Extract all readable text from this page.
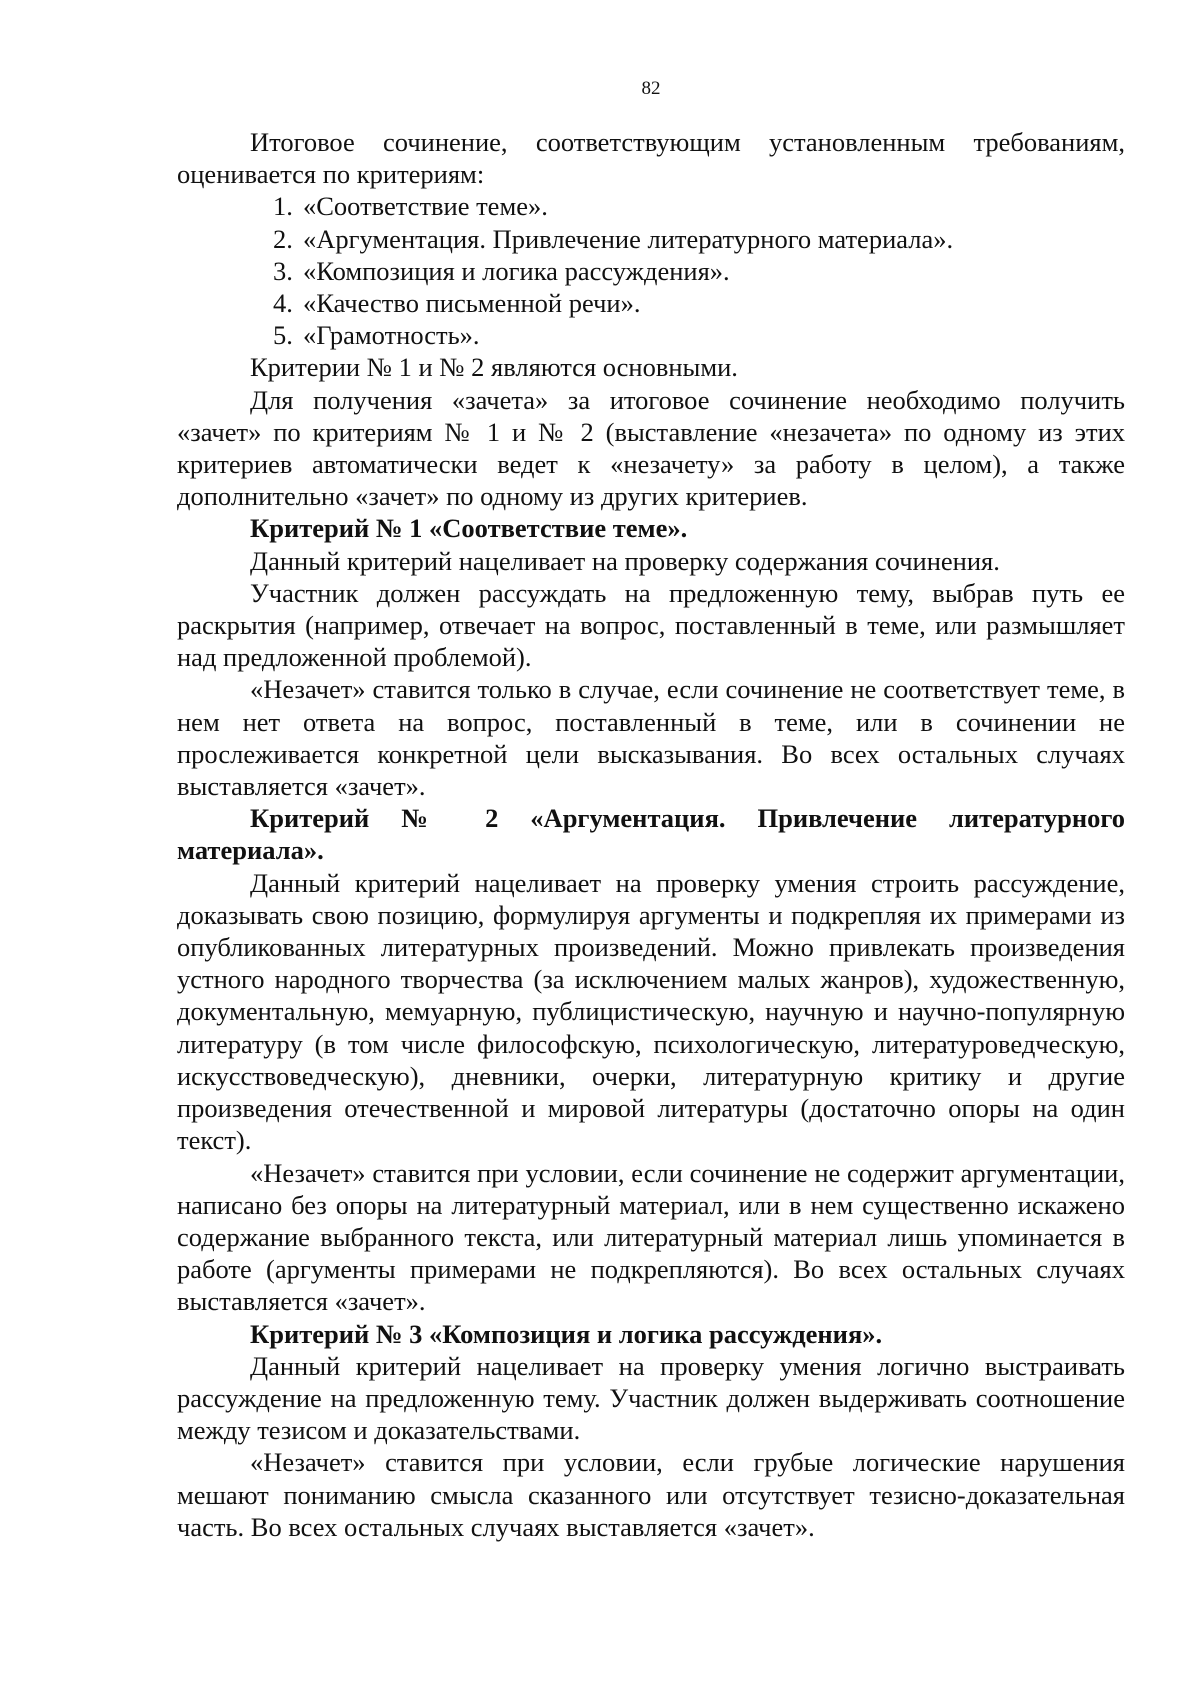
82

Итоговое сочинение, соответствующим установленным требованиям, оценивается по критериям:

1. «Соответствие теме».
2. «Аргументация. Привлечение литературного материала».
3. «Композиция и логика рассуждения».
4. «Качество письменной речи».
5. «Грамотность».

Критерии № 1 и № 2 являются основными.

Для получения «зачета» за итоговое сочинение необходимо получить «зачет» по критериям № 1 и № 2 (выставление «незачета» по одному из этих критериев автоматически ведет к «незачету» за работу в целом), а также дополнительно «зачет» по одному из других критериев.

Критерий № 1 «Соответствие теме».

Данный критерий нацеливает на проверку содержания сочинения.

Участник должен рассуждать на предложенную тему, выбрав путь ее раскрытия (например, отвечает на вопрос, поставленный в теме, или размышляет над предложенной проблемой).

«Незачет» ставится только в случае, если сочинение не соответствует теме, в нем нет ответа на вопрос, поставленный в теме, или в сочинении не прослеживается конкретной цели высказывания. Во всех остальных случаях выставляется «зачет».

Критерий № 2 «Аргументация. Привлечение литературного материала».

Данный критерий нацеливает на проверку умения строить рассуждение, доказывать свою позицию, формулируя аргументы и подкрепляя их примерами из опубликованных литературных произведений. Можно привлекать произведения устного народного творчества (за исключением малых жанров), художественную, документальную, мемуарную, публицистическую, научную и научно-популярную литературу (в том числе философскую, психологическую, литературоведческую, искусствоведческую), дневники, очерки, литературную критику и другие произведения отечественной и мировой литературы (достаточно опоры на один текст).

«Незачет» ставится при условии, если сочинение не содержит аргументации, написано без опоры на литературный материал, или в нем существенно искажено содержание выбранного текста, или литературный материал лишь упоминается в работе (аргументы примерами не подкрепляются). Во всех остальных случаях выставляется «зачет».

Критерий № 3 «Композиция и логика рассуждения».

Данный критерий нацеливает на проверку умения логично выстраивать рассуждение на предложенную тему. Участник должен выдерживать соотношение между тезисом и доказательствами.

«Незачет» ставится при условии, если грубые логические нарушения мешают пониманию смысла сказанного или отсутствует тезисно-доказательная часть. Во всех остальных случаях выставляется «зачет».
